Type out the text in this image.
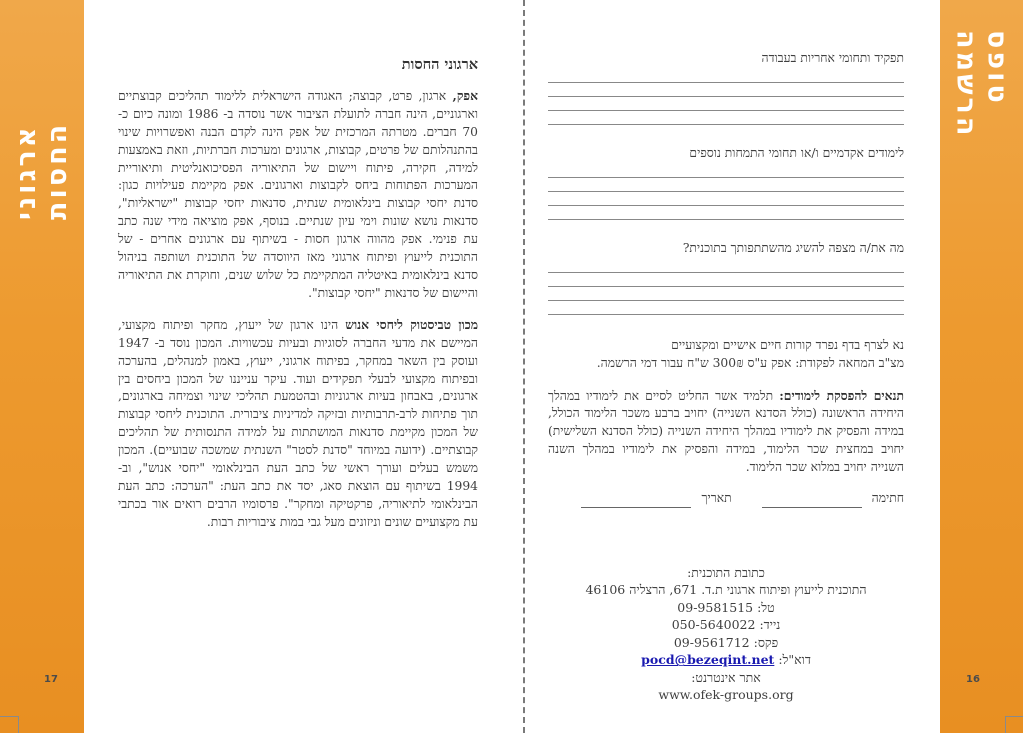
ארגוני החסות
טופס הרשמה
17	16
ארגוני החסות

אפק, ארגון, פרט, קבוצה; האגודה הישראלית ללימוד תהליכים קבוצתיים וארגוניים, הינה חברה לתועלת הציבור אשר נוסדה ב- 1986 ומונה כיום כ- 70 חברים. מטרתה המרכזית של אפק הינה לקדם הבנה ואפשרויות שינוי בהתנהלותם של פרטים, קבוצות, ארגונים ומערכות חברתיות, וזאת באמצעות למידה, חקירה, פיתוח ויישום של התיאוריה הפסיכואנליטית ותיאוריית המערכות הפתוחות ביחס לקבוצות וארגונים. אפק מקיימת פעילויות כגון: סדנת יחסי קבוצות בינלאומית שנתית, סדנאות יחסי קבוצות "ישראליות", סדנאות נושא שונות וימי עיון שנתיים. בנוסף, אפק מוציאה מידי שנה כתב עת פנימי. אפק מהווה ארגון חסות - בשיתוף עם ארגונים אחרים - של התוכנית לייעוץ ופיתוח ארגוני מאז היווסדה של התוכנית ושותפה בניהול סדנא בינלאומית באיטליה המתקיימת כל שלוש שנים, וחוקרת את התיאוריה והיישום של סדנאות "יחסי קבוצות".

מכון טביסטוק ליחסי אנוש הינו ארגון של ייעוץ, מחקר ופיתוח מקצועי, המיישם את מדעי החברה לסוגיות ובעיות עכשוויות. המכון נוסד ב- 1947 ועוסק בין השאר במחקר, בפיתוח ארגוני, ייעוץ, באמון למנהלים, בהערכה ובפיתוח מקצועי לבעלי תפקידים ועוד. עיקר ענייננו של המכון ביחסים בין ארגונים, באבחון בעיות ארגוניות ובהטמעת תהליכי שינוי וצמיחה בארגונים, תוך פתיחות לרב-תרבותיות ובזיקה למדיניות ציבורית. התוכנית ליחסי קבוצות של המכון מקיימת סדנאות המושתתות על למידה התנסותית של תהליכים קבוצתיים. (ידועה במיוחד "סדנת לסטר" השנתית שמשכה שבועיים). המכון משמש בעלים ועורך ראשי של כתב העת הבינלאומי "יחסי אנוש", וב- 1994 בשיתוף עם הוצאת סאג, יסד את כתב העת: "הערכה: כתב העת הבינלאומי לתיאוריה, פרקטיקה ומחקר". פרסומיו הרבים רואים אור בכתבי עת מקצועיים שונים וניזונים מעל גבי במות ציבוריות רבות.

תפקיד ותחומי אחריות בעבודה
לימודים אקדמיים ו/או תחומי התמחות נוספים
מה את/ה מצפה להשיג מהשתתפותך בתוכנית?
נא לצרף בדף נפרד קורות חיים אישיים ומקצועיים
מצ"ב המחאה לפקודת: אפק ע"ס 300₪ ש"ח עבור דמי הרשמה.

תנאים להפסקת לימודים: תלמיד אשר החליט לסיים את לימודיו במהלך היחידה הראשונה (כולל הסדנא השנייה) יחויב ברבע משכר הלימוד הכולל, במידה והפסיק את לימודיו במהלך היחידה השנייה (כולל הסדנא השלישית) יחויב במחצית שכר הלימוד, במידה והפסיק את לימודיו במהלך השנה השנייה יחויב במלוא שכר הלימוד.

חתימה
תאריך
כתובת התוכנית:
התוכנית לייעוץ ופיתוח ארגוני ת.ד. 671, הרצליה 46106
טל: 09-9581515
נייד: 050-5640022
פקס: 09-9561712
דוא"ל: pocd@bezeqint.net
אתר אינטרנט:
www.ofek-groups.org
